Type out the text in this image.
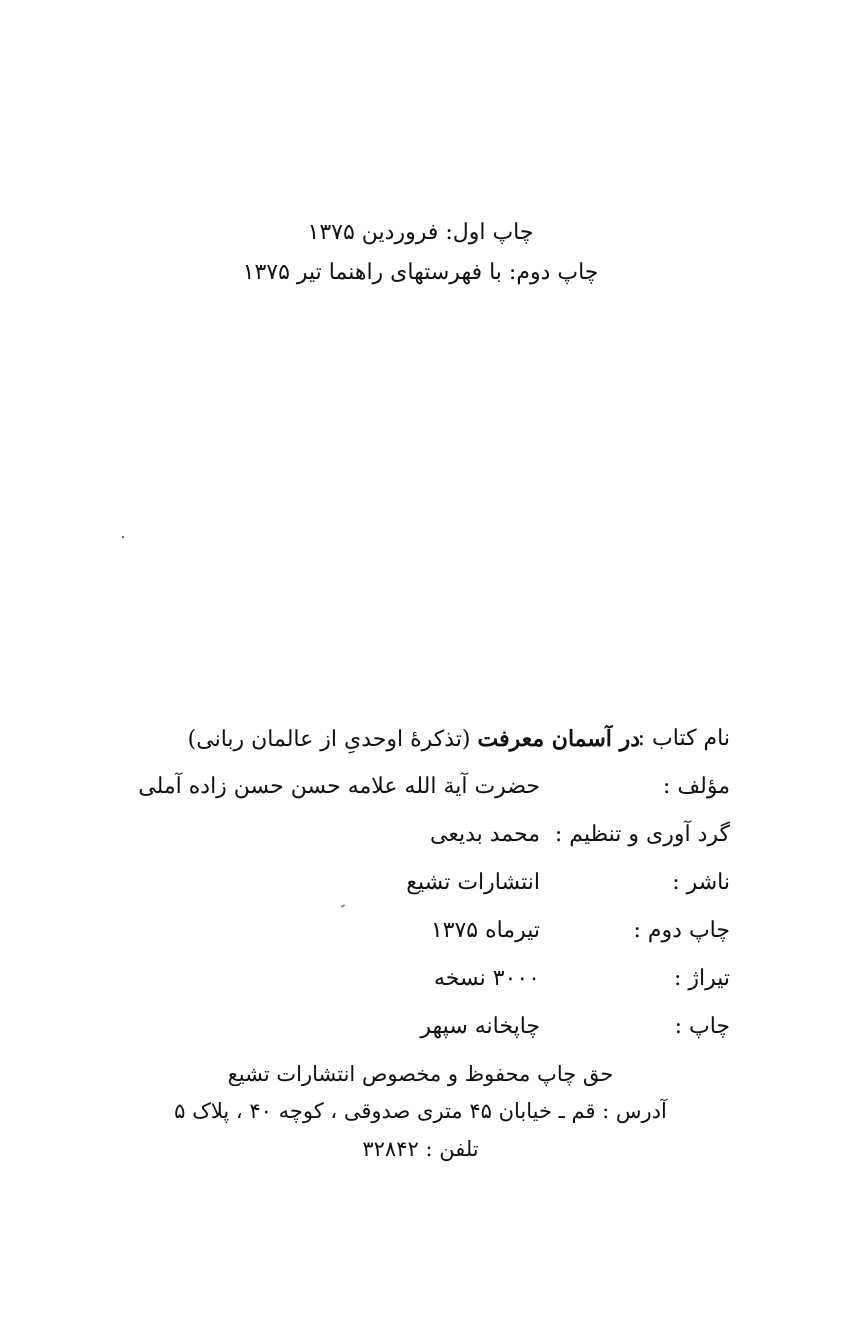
چاپ اول: فروردین ۱۳۷۵
چاپ دوم: با فهرستهای راهنما تیر ۱۳۷۵
نام کتاب :
در آسمان معرفت (تذکرهٔ اوحدیِ از عالمان ربانی)
مؤلف :
حضرت آیة الله علامه حسن حسن زاده آملی
گرد آوری و تنظیم :
محمد بدیعی
ناشر :
انتشارات تشیع
چاپ دوم :
تیرماه ۱۳۷۵
تیراژ :
۳۰۰۰ نسخه
چاپ :
چاپخانه سپهر
حق چاپ محفوظ و مخصوص انتشارات تشیع
آدرس : قم ـ خیابان ۴۵ متری صدوقی ، کوچه ۴۰ ، پلاک ۵
تلفن : ۳۲۸۴۲
